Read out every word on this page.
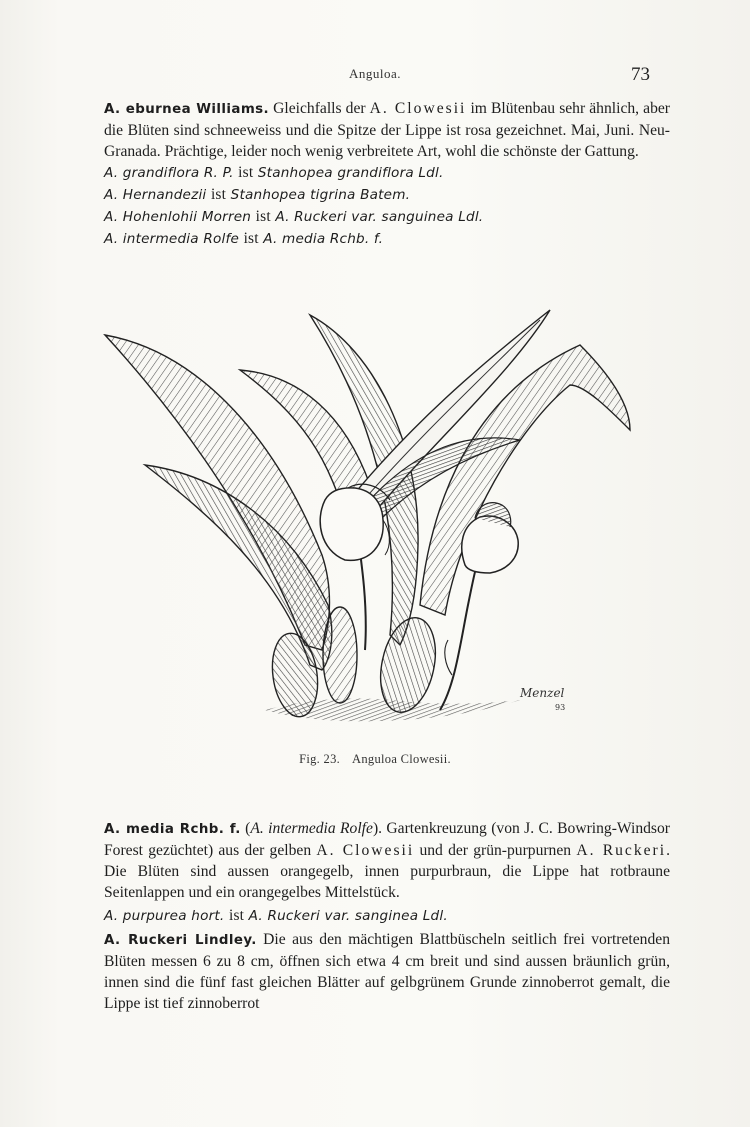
Anguloa.	73

A. eburnea Williams. Gleichfalls der A. Clowesii im Blütenbau sehr ähnlich, aber die Blüten sind schneeweiss und die Spitze der Lippe ist rosa gezeichnet. Mai, Juni. Neu-Granada. Prächtige, leider noch wenig verbreitete Art, wohl die schönste der Gattung.

A. grandiflora R. P. ist Stanhopea grandiflora Ldl.

A. Hernandezii ist Stanhopea tigrina Batem.

A. Hohenlohii Morren ist A. Ruckeri var. sanguinea Ldl.

A. intermedia Rolfe ist A. media Rchb. f.

Menzel
93
Fig. 23. Anguloa Clowesii.

A. media Rchb. f. (A. intermedia Rolfe). Gartenkreuzung (von J. C. Bowring-Windsor Forest gezüchtet) aus der gelben A. Clowesii und der grün-purpurnen A. Ruckeri. Die Blüten sind aussen orangegelb, innen purpurbraun, die Lippe hat rotbraune Seitenlappen und ein orangegelbes Mittelstück.

A. purpurea hort. ist A. Ruckeri var. sanginea Ldl.

A. Ruckeri Lindley. Die aus den mächtigen Blattbüscheln seitlich frei vortretenden Blüten messen 6 zu 8 cm, öffnen sich etwa 4 cm breit und sind aussen bräunlich grün, innen sind die fünf fast gleichen Blätter auf gelbgrünem Grunde zinnoberrot gemalt, die Lippe ist tief zinnoberrot
